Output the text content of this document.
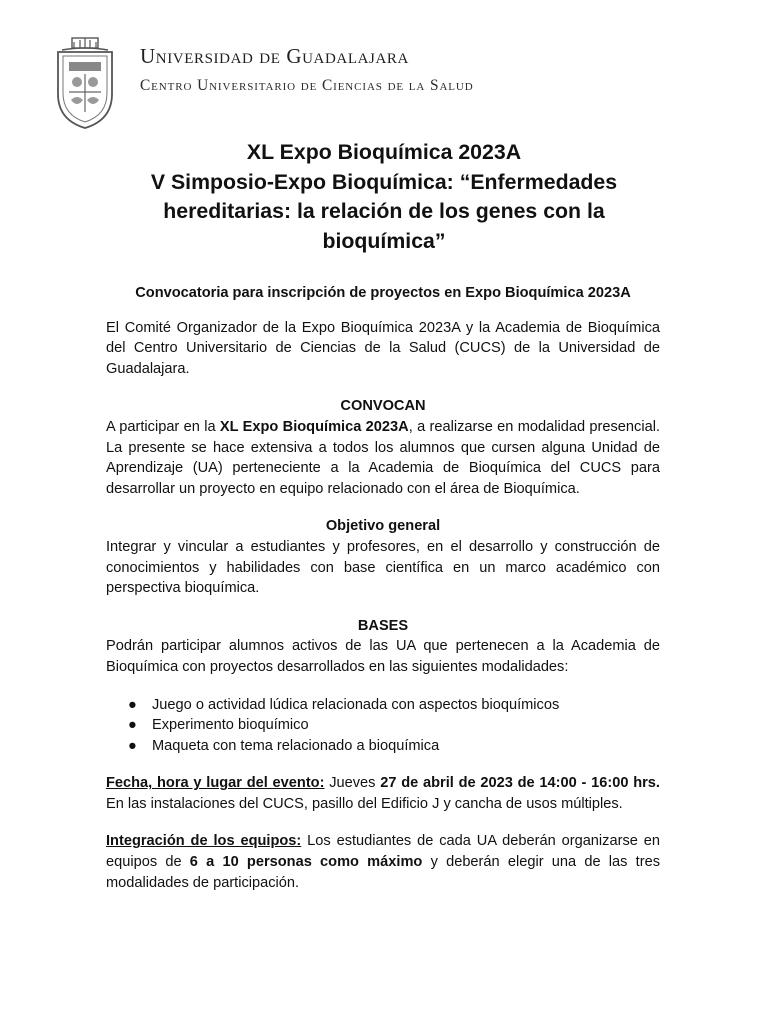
Universidad de Guadalajara
Centro Universitario de Ciencias de la Salud
XL Expo Bioquímica 2023A
V Simposio-Expo Bioquímica: “Enfermedades
hereditarias: la relación de los genes con la
bioquímica”
Convocatoria para inscripción de proyectos en Expo Bioquímica 2023A

El Comité Organizador de la Expo Bioquímica 2023A y la Academia de Bioquímica del Centro Universitario de Ciencias de la Salud (CUCS) de la Universidad de Guadalajara.

CONVOCAN

A participar en la XL Expo Bioquímica 2023A, a realizarse en modalidad presencial. La presente se hace extensiva a todos los alumnos que cursen alguna Unidad de Aprendizaje (UA) perteneciente a la Academia de Bioquímica del CUCS para desarrollar un proyecto en equipo relacionado con el área de Bioquímica.

Objetivo general

Integrar y vincular a estudiantes y profesores, en el desarrollo y construcción de conocimientos y habilidades con base científica en un marco académico con perspectiva bioquímica.

BASES

Podrán participar alumnos activos de las UA que pertenecen a la Academia de Bioquímica con proyectos desarrollados en las siguientes modalidades:

● Juego o actividad lúdica relacionada con aspectos bioquímicos
● Experimento bioquímico
● Maqueta con tema relacionado a bioquímica

Fecha, hora y lugar del evento: Jueves 27 de abril de 2023 de 14:00 - 16:00 hrs. En las instalaciones del CUCS, pasillo del Edificio J y cancha de usos múltiples.

Integración de los equipos: Los estudiantes de cada UA deberán organizarse en equipos de 6 a 10 personas como máximo y deberán elegir una de las tres modalidades de participación.
